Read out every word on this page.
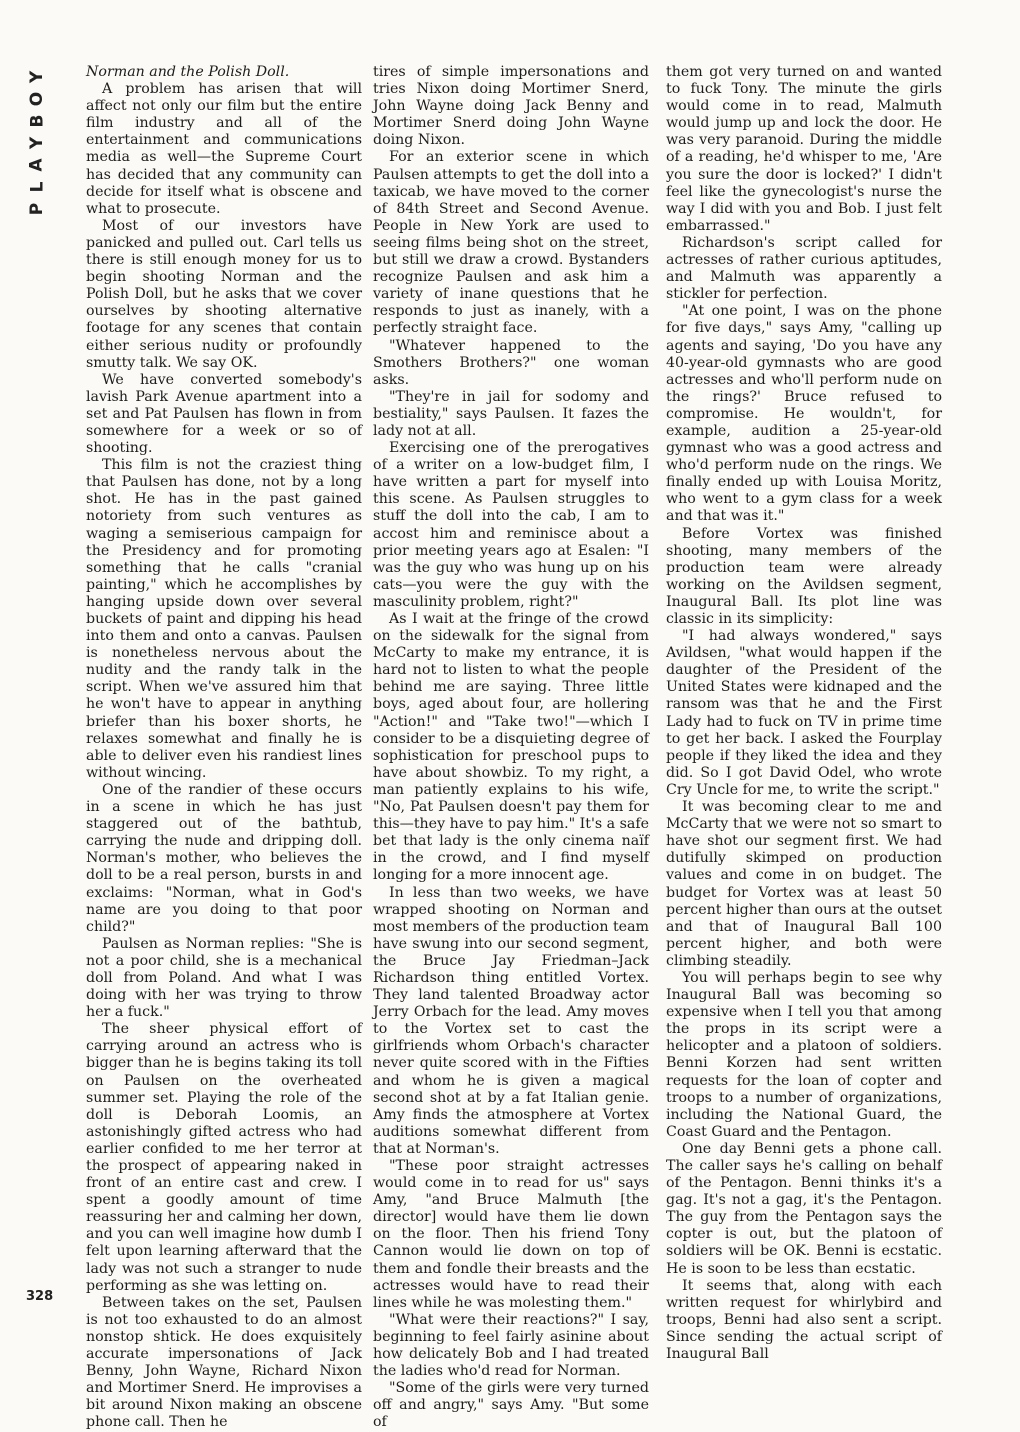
Y
O
B
Y
A
L
P
328

Norman and the Polish Doll.

A problem has arisen that will affect not only our film but the entire film industry and all of the entertainment and communications media as well—the Supreme Court has decided that any community can decide for itself what is obscene and what to prosecute.

Most of our investors have panicked and pulled out. Carl tells us there is still enough money for us to begin shooting Norman and the Polish Doll, but he asks that we cover ourselves by shooting alternative footage for any scenes that contain either serious nudity or profoundly smutty talk. We say OK.

We have converted somebody's lavish Park Avenue apartment into a set and Pat Paulsen has flown in from somewhere for a week or so of shooting.

This film is not the craziest thing that Paulsen has done, not by a long shot. He has in the past gained notoriety from such ventures as waging a semiserious campaign for the Presidency and for promoting something that he calls "cranial painting," which he accomplishes by hanging upside down over several buckets of paint and dipping his head into them and onto a canvas. Paulsen is nonetheless nervous about the nudity and the randy talk in the script. When we've assured him that he won't have to appear in anything briefer than his boxer shorts, he relaxes somewhat and finally he is able to deliver even his randiest lines without wincing.

One of the randier of these occurs in a scene in which he has just staggered out of the bathtub, carrying the nude and dripping doll. Norman's mother, who believes the doll to be a real person, bursts in and exclaims: "Norman, what in God's name are you doing to that poor child?"

Paulsen as Norman replies: "She is not a poor child, she is a mechanical doll from Poland. And what I was doing with her was trying to throw her a fuck."

The sheer physical effort of carrying around an actress who is bigger than he is begins taking its toll on Paulsen on the overheated summer set. Playing the role of the doll is Deborah Loomis, an astonishingly gifted actress who had earlier confided to me her terror at the prospect of appearing naked in front of an entire cast and crew. I spent a goodly amount of time reassuring her and calming her down, and you can well imagine how dumb I felt upon learning afterward that the lady was not such a stranger to nude performing as she was letting on.

Between takes on the set, Paulsen is not too exhausted to do an almost nonstop shtick. He does exquisitely accurate impersonations of Jack Benny, John Wayne, Richard Nixon and Mortimer Snerd. He improvises a bit around Nixon making an obscene phone call. Then he

tires of simple impersonations and tries Nixon doing Mortimer Snerd, John Wayne doing Jack Benny and Mortimer Snerd doing John Wayne doing Nixon.

For an exterior scene in which Paulsen attempts to get the doll into a taxicab, we have moved to the corner of 84th Street and Second Avenue. People in New York are used to seeing films being shot on the street, but still we draw a crowd. Bystanders recognize Paulsen and ask him a variety of inane questions that he responds to just as inanely, with a perfectly straight face.

"Whatever happened to the Smothers Brothers?" one woman asks.

"They're in jail for sodomy and bestiality," says Paulsen. It fazes the lady not at all.

Exercising one of the prerogatives of a writer on a low-budget film, I have written a part for myself into this scene. As Paulsen struggles to stuff the doll into the cab, I am to accost him and reminisce about a prior meeting years ago at Esalen: "I was the guy who was hung up on his cats—you were the guy with the masculinity problem, right?"

As I wait at the fringe of the crowd on the sidewalk for the signal from McCarty to make my entrance, it is hard not to listen to what the people behind me are saying. Three little boys, aged about four, are hollering "Action!" and "Take two!"—which I consider to be a disquieting degree of sophistication for preschool pups to have about showbiz. To my right, a man patiently explains to his wife, "No, Pat Paulsen doesn't pay them for this—they have to pay him." It's a safe bet that lady is the only cinema naïf in the crowd, and I find myself longing for a more innocent age.

In less than two weeks, we have wrapped shooting on Norman and most members of the production team have swung into our second segment, the Bruce Jay Friedman–Jack Richardson thing entitled Vortex. They land talented Broadway actor Jerry Orbach for the lead. Amy moves to the Vortex set to cast the girlfriends whom Orbach's character never quite scored with in the Fifties and whom he is given a magical second shot at by a fat Italian genie. Amy finds the atmosphere at Vortex auditions somewhat different from that at Norman's.

"These poor straight actresses would come in to read for us" says Amy, "and Bruce Malmuth [the director] would have them lie down on the floor. Then his friend Tony Cannon would lie down on top of them and fondle their breasts and the actresses would have to read their lines while he was molesting them."

"What were their reactions?" I say, beginning to feel fairly asinine about how delicately Bob and I had treated the ladies who'd read for Norman.

"Some of the girls were very turned off and angry," says Amy. "But some of

them got very turned on and wanted to fuck Tony. The minute the girls would come in to read, Malmuth would jump up and lock the door. He was very paranoid. During the middle of a reading, he'd whisper to me, 'Are you sure the door is locked?' I didn't feel like the gynecologist's nurse the way I did with you and Bob. I just felt embarrassed."

Richardson's script called for actresses of rather curious aptitudes, and Malmuth was apparently a stickler for perfection.

"At one point, I was on the phone for five days," says Amy, "calling up agents and saying, 'Do you have any 40-year-old gymnasts who are good actresses and who'll perform nude on the rings?' Bruce refused to compromise. He wouldn't, for example, audition a 25-year-old gymnast who was a good actress and who'd perform nude on the rings. We finally ended up with Louisa Moritz, who went to a gym class for a week and that was it."

Before Vortex was finished shooting, many members of the production team were already working on the Avildsen segment, Inaugural Ball. Its plot line was classic in its simplicity:

"I had always wondered," says Avildsen, "what would happen if the daughter of the President of the United States were kidnaped and the ransom was that he and the First Lady had to fuck on TV in prime time to get her back. I asked the Fourplay people if they liked the idea and they did. So I got David Odel, who wrote Cry Uncle for me, to write the script."

It was becoming clear to me and McCarty that we were not so smart to have shot our segment first. We had dutifully skimped on production values and come in on budget. The budget for Vortex was at least 50 percent higher than ours at the outset and that of Inaugural Ball 100 percent higher, and both were climbing steadily.

You will perhaps begin to see why Inaugural Ball was becoming so expensive when I tell you that among the props in its script were a helicopter and a platoon of soldiers. Benni Korzen had sent written requests for the loan of copter and troops to a number of organizations, including the National Guard, the Coast Guard and the Pentagon.

One day Benni gets a phone call. The caller says he's calling on behalf of the Pentagon. Benni thinks it's a gag. It's not a gag, it's the Pentagon. The guy from the Pentagon says the copter is out, but the platoon of soldiers will be OK. Benni is ecstatic. He is soon to be less than ecstatic.

It seems that, along with each written request for whirlybird and troops, Benni had also sent a script. Since sending the actual script of Inaugural Ball
